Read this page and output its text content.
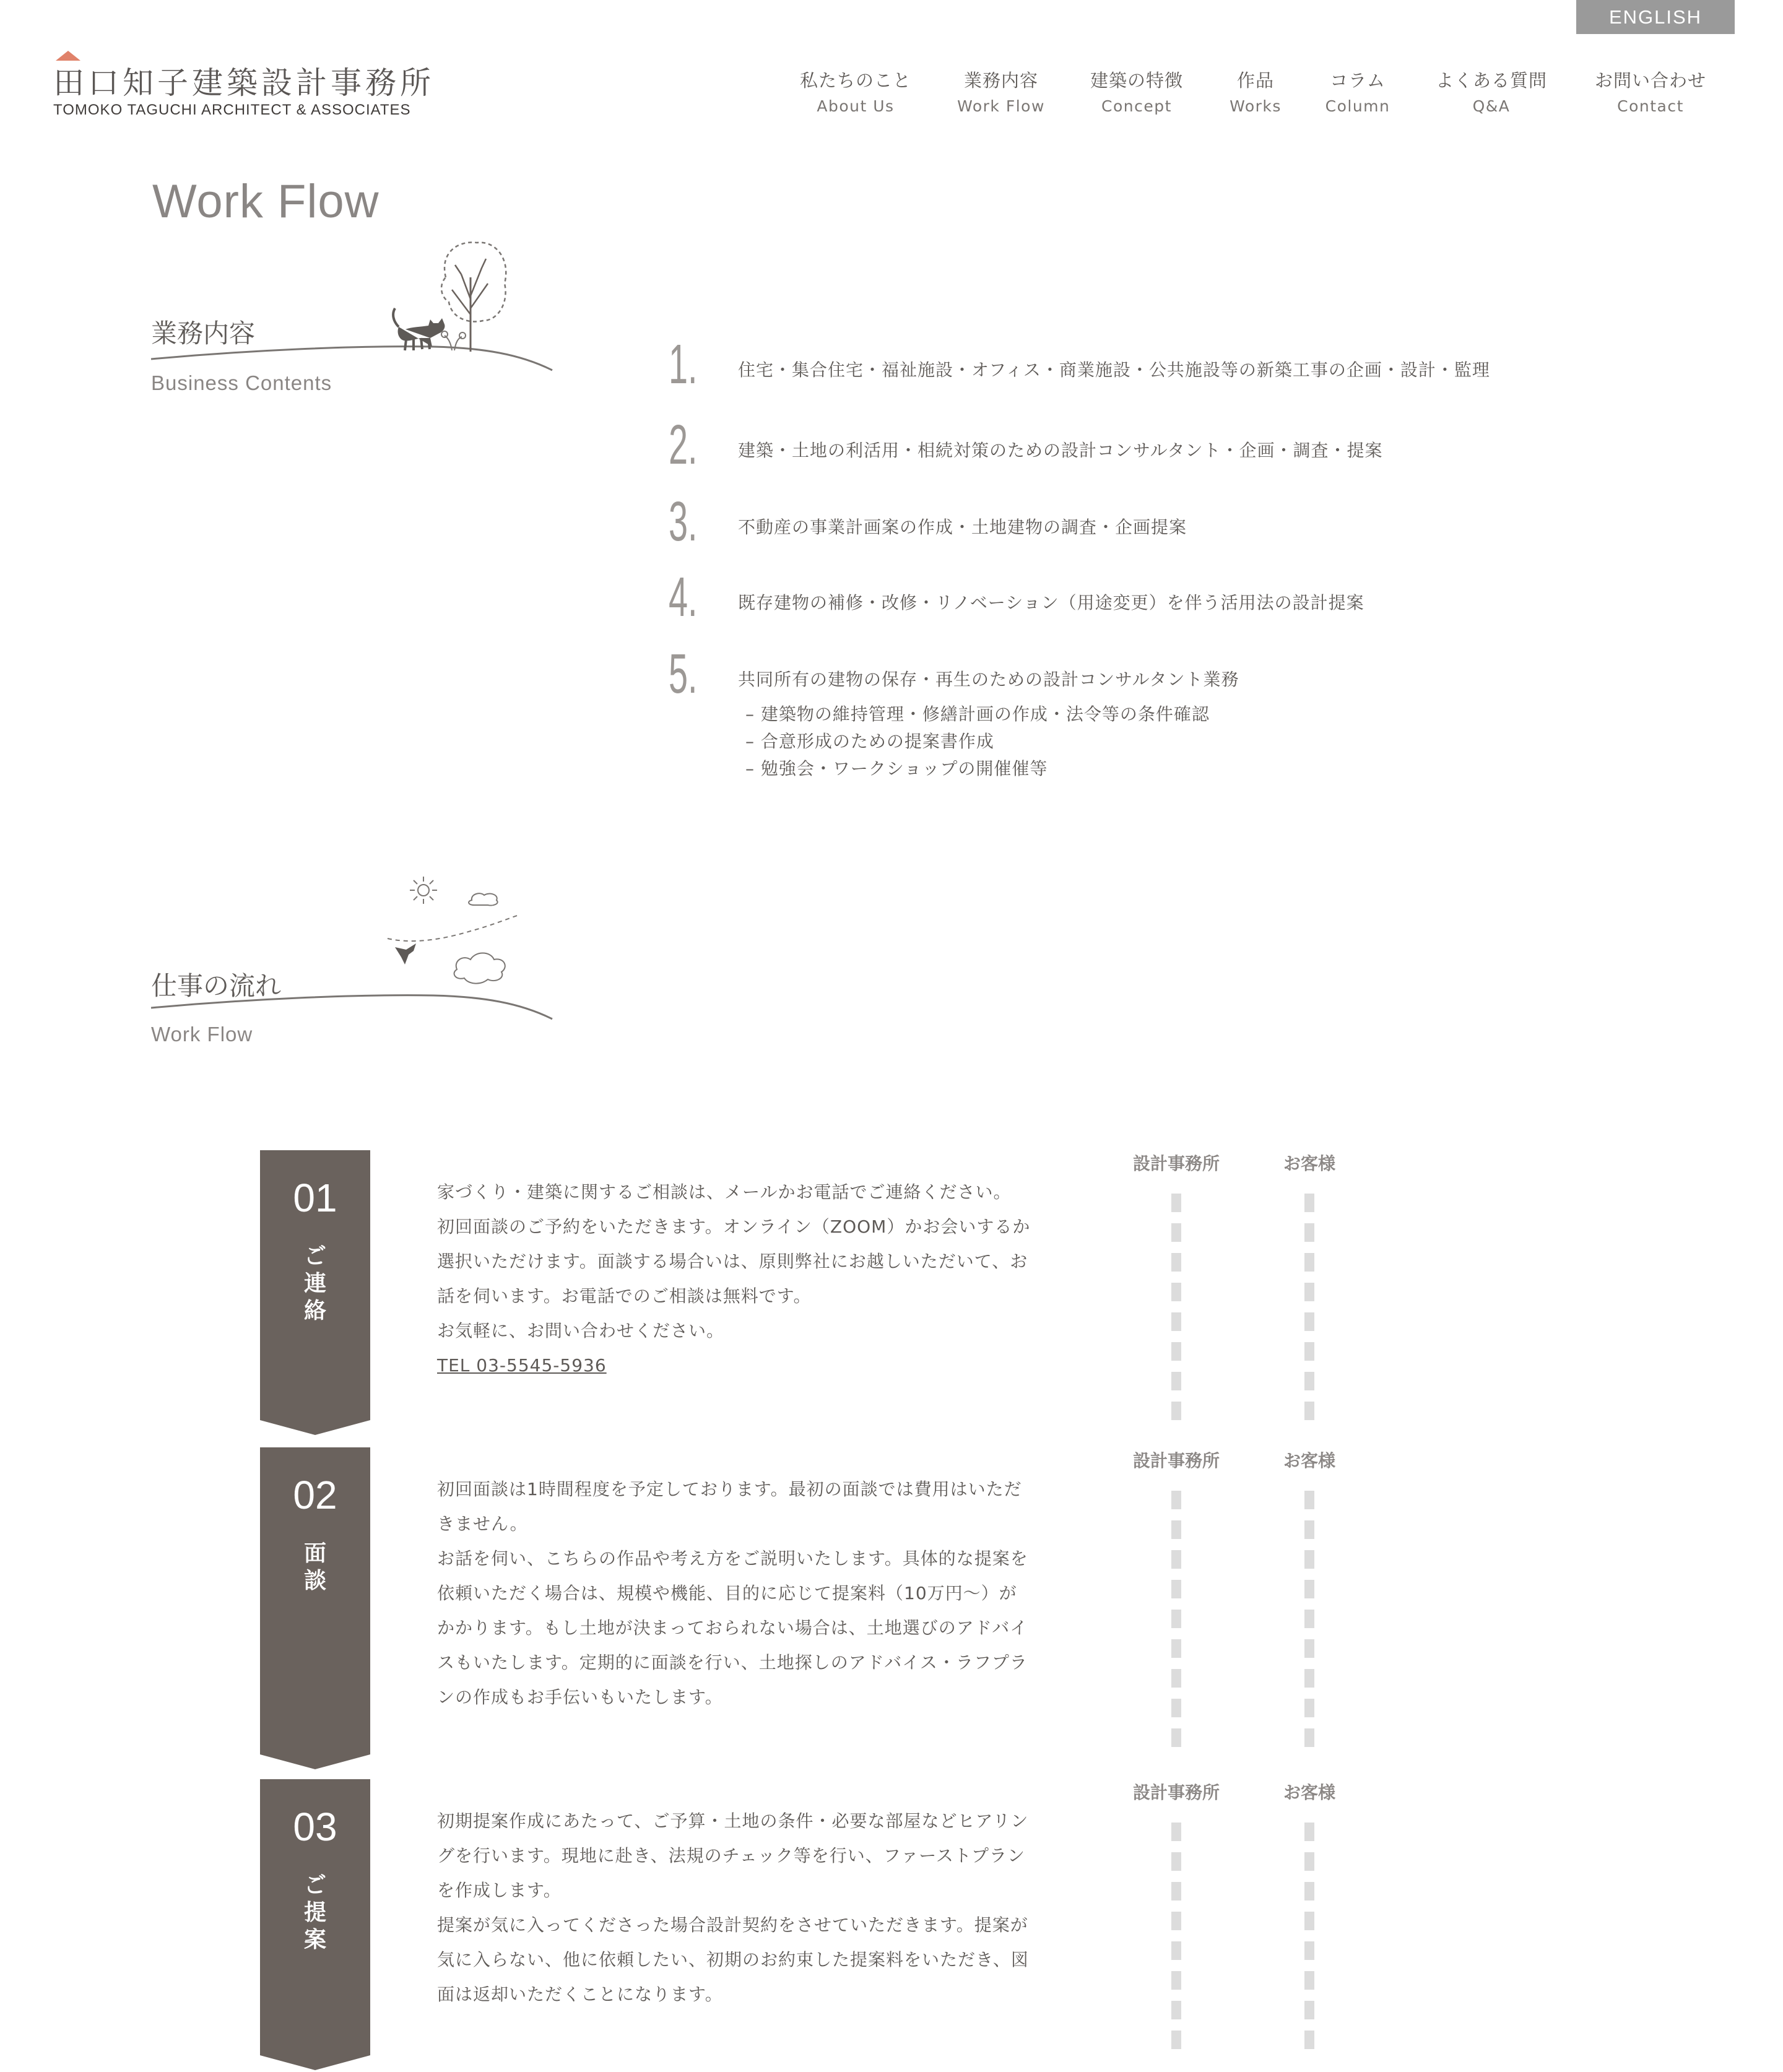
ENGLISH
田口知子建築設計事務所
TOMOKO TAGUCHI ARCHITECT & ASSOCIATES
私たちのこと
About Us
業務内容
Work Flow
建築の特徴
Concept
作品
Works
コラム
Column
よくある質問
Q&A
お問い合わせ
Contact
Work Flow
業務内容
Business Contents	1. 住宅・集合住宅・福祉施設・オフィス・商業施設・公共施設等の新築工事の企画・設計・監理
2. 建築・土地の利活用・相続対策のための設計コンサルタント・企画・調査・提案
3. 不動産の事業計画案の作成・土地建物の調査・企画提案
4. 既存建物の補修・改修・リノベーション（用途変更）を伴う活用法の設計提案
5. 共同所有の建物の保存・再生のための設計コンサルタント業務
– 建築物の維持管理・修繕計画の作成・法令等の条件確認
– 合意形成のための提案書作成
– 勉強会・ワークショップの開催催等
仕事の流れ
Work Flow
01
ご
連
絡

家づくり・建築に関するご相談は、メールかお電話でご連絡ください。

初回面談のご予約をいただきます。オンライン（ZOOM）かお会いするか

選択いただけます。面談する場合いは、原則弊社にお越しいただいて、お

話を伺います。お電話でのご相談は無料です。

お気軽に、お問い合わせください。

TEL 03-5545-5936

設計事務所	お客様
02
面
談

初回面談は1時間程度を予定しております。最初の面談では費用はいただ

きません。

お話を伺い、こちらの作品や考え方をご説明いたします。具体的な提案を

依頼いただく場合は、規模や機能、目的に応じて提案料（10万円〜）が

かかります。もし土地が決まっておられない場合は、土地選びのアドバイ

スもいたします。定期的に面談を行い、土地探しのアドバイス・ラフプラ

ンの作成もお手伝いもいたします。

設計事務所	お客様
03
ご
提
案

初期提案作成にあたって、ご予算・土地の条件・必要な部屋などヒアリン

グを行います。現地に赴き、法規のチェック等を行い、ファーストプラン

を作成します。

提案が気に入ってくださった場合設計契約をさせていただきます。提案が

気に入らない、他に依頼したい、初期のお約束した提案料をいただき、図

面は返却いただくことになります。

設計事務所	お客様
